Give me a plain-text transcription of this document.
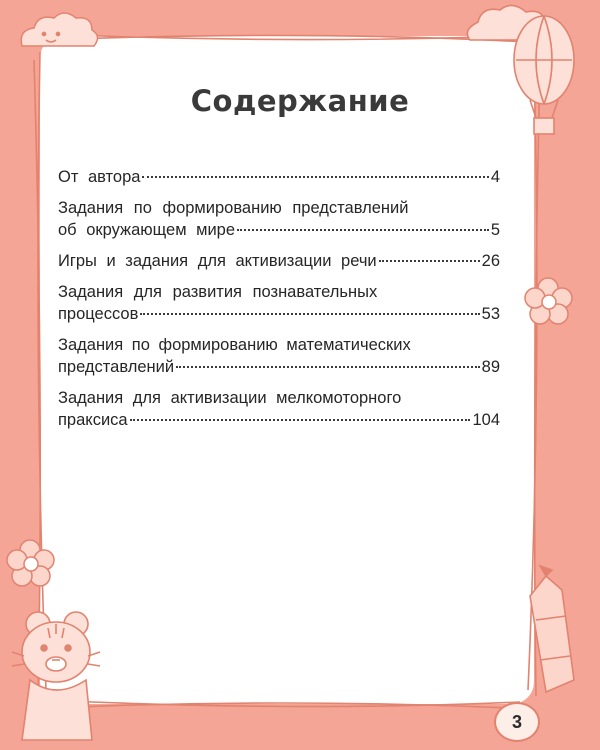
Содержание
От автора	4
Задания по формированию представлений
об окружающем мире	5
Игры и задания для активизации речи	26
Задания для развития познавательных
процессов	53
Задания по формированию математических
представлений	89
Задания для активизации мелкомоторного
праксиса	104
3
